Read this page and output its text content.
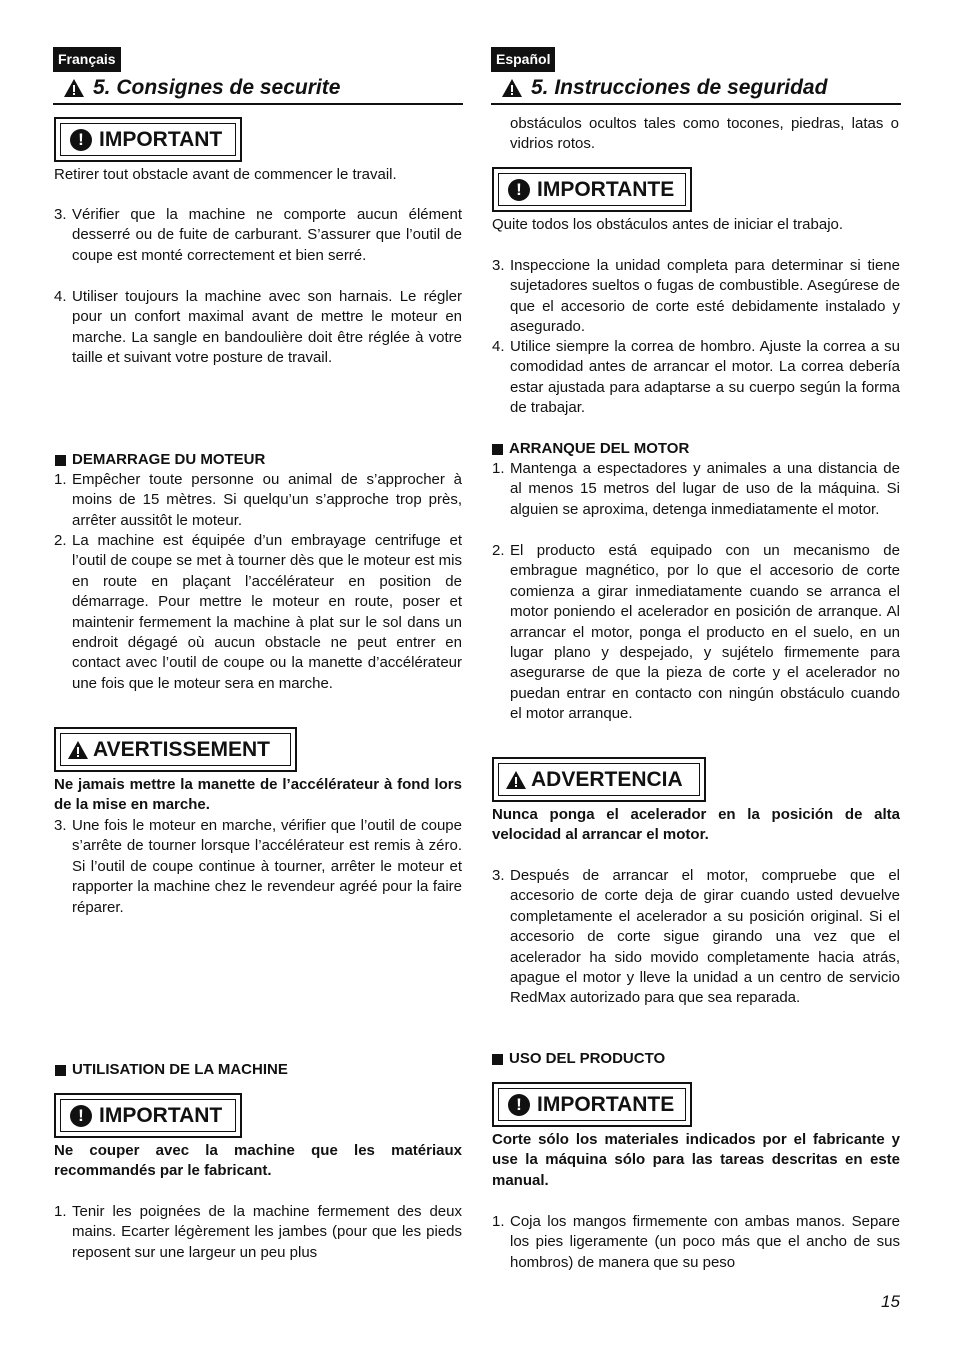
Français
5. Consignes de securite
! IMPORTANT
Retirer tout obstacle avant de commencer le travail.
3. Vérifier que la machine ne comporte aucun élément desserré ou de fuite de carburant. S’assurer que l’outil de coupe est monté correctement et bien serré.
4. Utiliser toujours la machine avec son harnais. Le régler pour un confort maximal avant de mettre le moteur en marche. La sangle en bandoulière doit être réglée à votre taille et suivant votre posture de travail.
DEMARRAGE DU MOTEUR
1. Empêcher toute personne ou animal de s’approcher à moins de 15 mètres. Si quelqu’un s’approche trop près, arrêter aussitôt le moteur.
2. La machine est équipée d’un embrayage centrifuge et l’outil de coupe se met à tourner dès que le moteur est mis en route en plaçant l’accélérateur en position de démarrage. Pour mettre le moteur en route, poser et maintenir fermement la machine à plat sur le sol dans un endroit dégagé où aucun obstacle ne peut entrer en contact avec l’outil de coupe ou la manette d’accélérateur une fois que le moteur sera en marche.
AVERTISSEMENT
Ne jamais mettre la manette de l’accélérateur à fond lors de la mise en marche.
3. Une fois le moteur en marche, vérifier que l’outil de coupe s’arrête de tourner lorsque l’accélérateur est remis à zéro. Si l’outil de coupe continue à tourner, arrêter le moteur et rapporter la machine chez le revendeur agréé pour la faire réparer.
UTILISATION DE LA MACHINE
! IMPORTANT
Ne couper avec la machine que les matériaux recommandés par le fabricant.
1. Tenir les poignées de la machine fermement des deux mains. Ecarter légèrement les jambes (pour que les pieds reposent sur une largeur un peu plus
Español
5. Instrucciones de seguridad
obstáculos ocultos tales como tocones, piedras, latas o vidrios rotos.
! IMPORTANTE
Quite todos los obstáculos antes de iniciar el trabajo.
3. Inspeccione la unidad completa para determinar si tiene sujetadores sueltos o fugas de combustible. Asegúrese de que el accesorio de corte esté debidamente instalado y asegurado.
4. Utilice siempre la correa de hombro. Ajuste la correa a su comodidad antes de arrancar el motor. La correa debería estar ajustada para adaptarse a su cuerpo según la forma de trabajar.
ARRANQUE DEL MOTOR
1. Mantenga a espectadores y animales a una distancia de al menos 15 metros del lugar de uso de la máquina. Si alguien se aproxima, detenga inmediatamente el motor.
2. El producto está equipado con un mecanismo de embrague magnético, por lo que el accesorio de corte comienza a girar inmediatamente cuando se arranca el motor poniendo el acelerador en posición de arranque. Al arrancar el motor, ponga el producto en el suelo, en un lugar plano y despejado, y sujételo firmemente para asegurarse de que la pieza de corte y el acelerador no puedan entrar en contacto con ningún obstáculo cuando el motor arranque.
ADVERTENCIA
Nunca ponga el acelerador en la posición de alta velocidad al arrancar el motor.
3. Después de arrancar el motor, compruebe que el accesorio de corte deja de girar cuando usted devuelve completamente el acelerador a su posición original. Si el accesorio de corte sigue girando una vez que el acelerador ha sido movido completamente hacia atrás, apague el motor y lleve la unidad a un centro de servicio RedMax autorizado para que sea reparada.
USO DEL PRODUCTO
! IMPORTANTE
Corte sólo los materiales indicados por el fabricante y use la máquina sólo para las tareas descritas en este manual.
1. Coja los mangos firmemente con ambas manos. Separe los pies ligeramente (un poco más que el ancho de sus hombros) de manera que su peso
15
